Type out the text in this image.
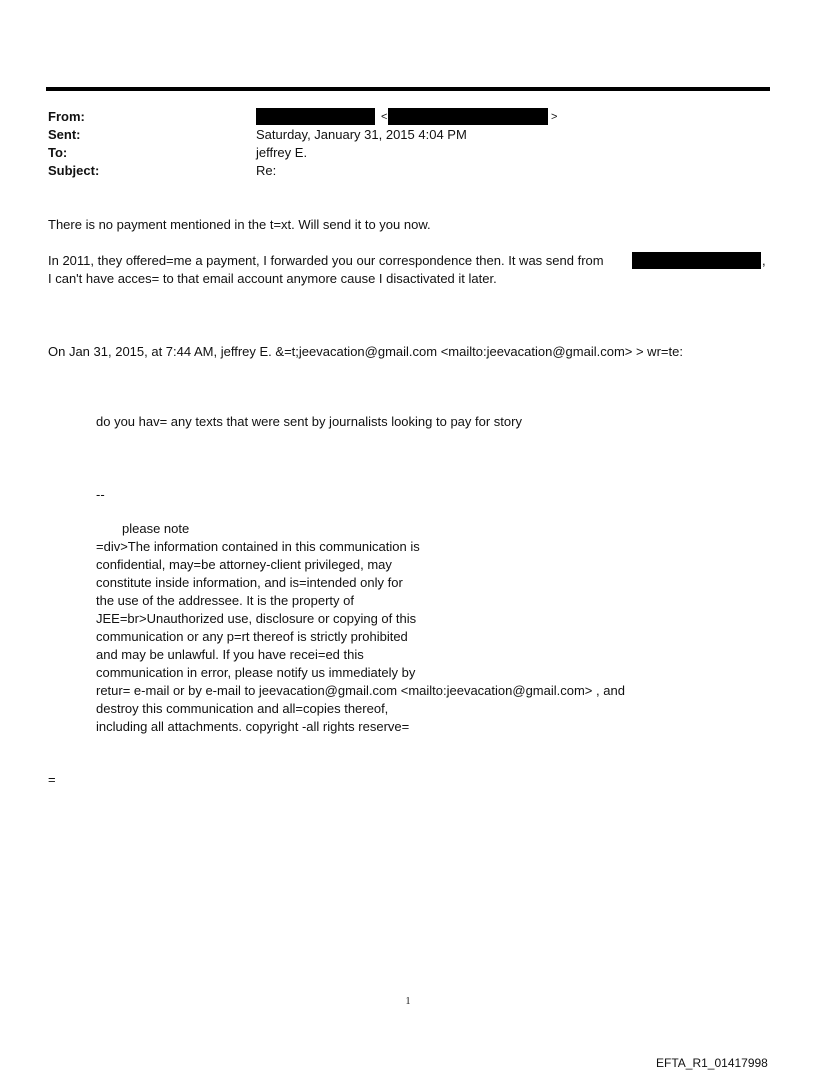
From:
Sent:
To:
Subject:
<	>
Saturday, January 31, 2015 4:04 PM
jeffrey E.
Re:
There is no payment mentioned in the t=xt. Will send it to you now.
In 2011, they offered=me a payment, I forwarded you our correspondence then. It was send from	,
I can't have acces= to that email account anymore cause I disactivated it later.
On Jan 31, 2015, at 7:44 AM, jeffrey E. &=t;jeevacation@gmail.com <mailto:jeevacation@gmail.com> > wr=te:
do you hav= any texts that were sent by journalists looking to pay for story
--
please note
=div>The information contained in this communication is
confidential, may=be attorney-client privileged, may
constitute inside information, and is=intended only for
the use of the addressee. It is the property of
JEE=br>Unauthorized use, disclosure or copying of this
communication or any p=rt thereof is strictly prohibited
and may be unlawful. If you have recei=ed this
communication in error, please notify us immediately by
retur= e-mail or by e-mail to jeevacation@gmail.com <mailto:jeevacation@gmail.com> , and
destroy this communication and all=copies thereof,
including all attachments. copyright -all rights reserve=
=
1
EFTA_R1_01417998
